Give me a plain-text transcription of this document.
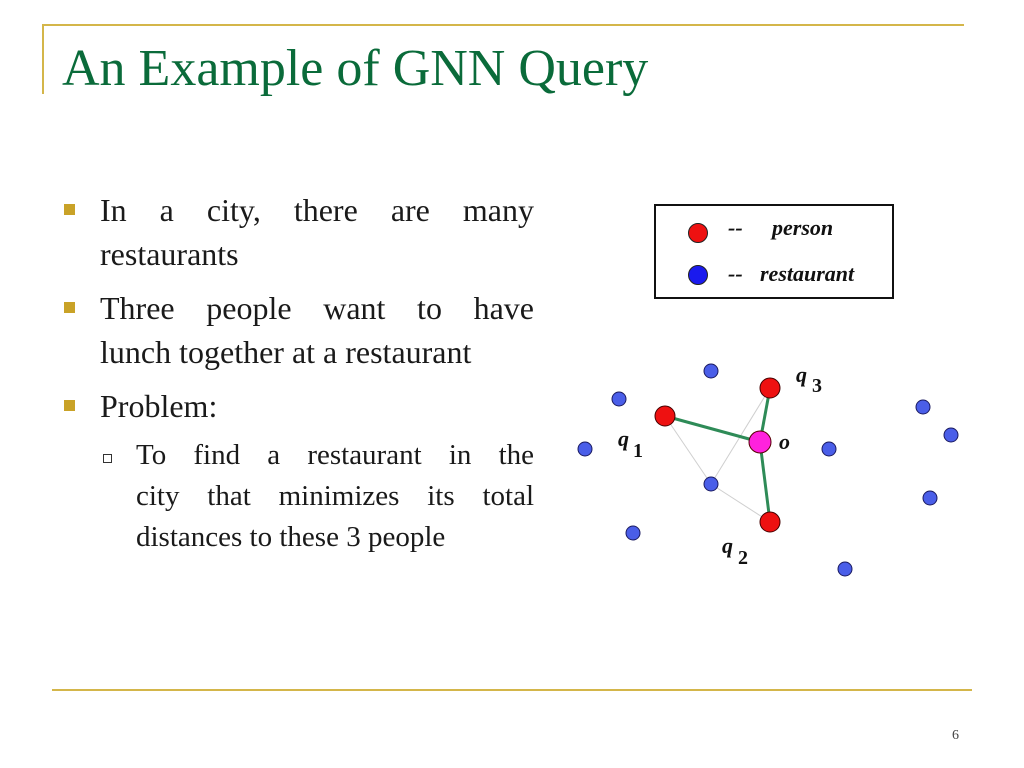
An Example of GNN Query
In a city, there are many
restaurants
Three people want to have
lunch together at a restaurant
Problem:
To find a restaurant in the
city that minimizes its total
distances to these 3 people
-- person
-- restaurant
q 1
q 3
q 2
o
6
